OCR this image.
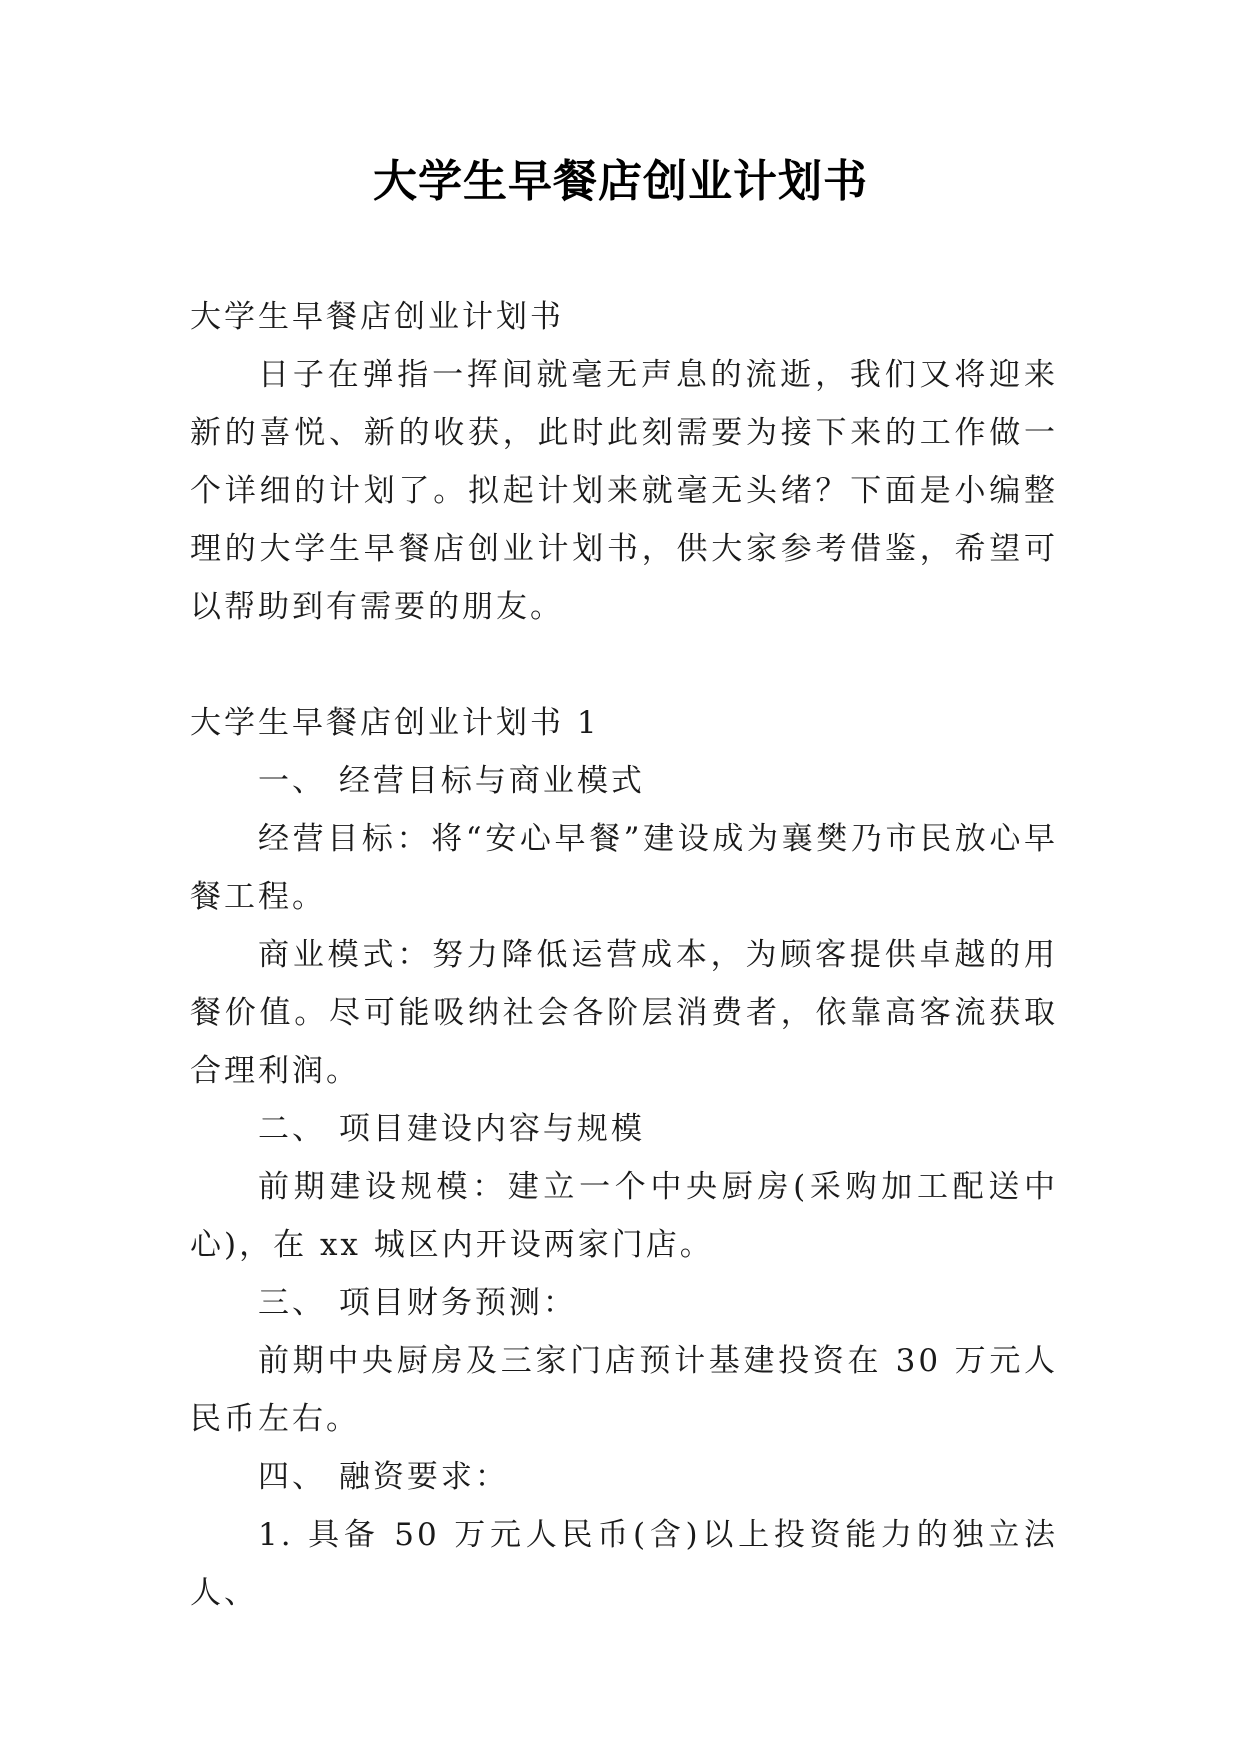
大学生早餐店创业计划书

大学生早餐店创业计划书

日子在弹指一挥间就毫无声息的流逝，我们又将迎来新的喜悦、新的收获，此时此刻需要为接下来的工作做一个详细的计划了。拟起计划来就毫无头绪？下面是小编整理的大学生早餐店创业计划书，供大家参考借鉴，希望可以帮助到有需要的朋友。

大学生早餐店创业计划书 1

一、 经营目标与商业模式

经营目标：将“安心早餐”建设成为襄樊乃市民放心早餐工程。

商业模式：努力降低运营成本，为顾客提供卓越的用餐价值。尽可能吸纳社会各阶层消费者，依靠高客流获取合理利润。

二、 项目建设内容与规模

前期建设规模：建立一个中央厨房(采购加工配送中心)，在 xx 城区内开设两家门店。

三、 项目财务预测：

前期中央厨房及三家门店预计基建投资在 30 万元人民币左右。

四、 融资要求：

1. 具备 50 万元人民币(含)以上投资能力的独立法人、
